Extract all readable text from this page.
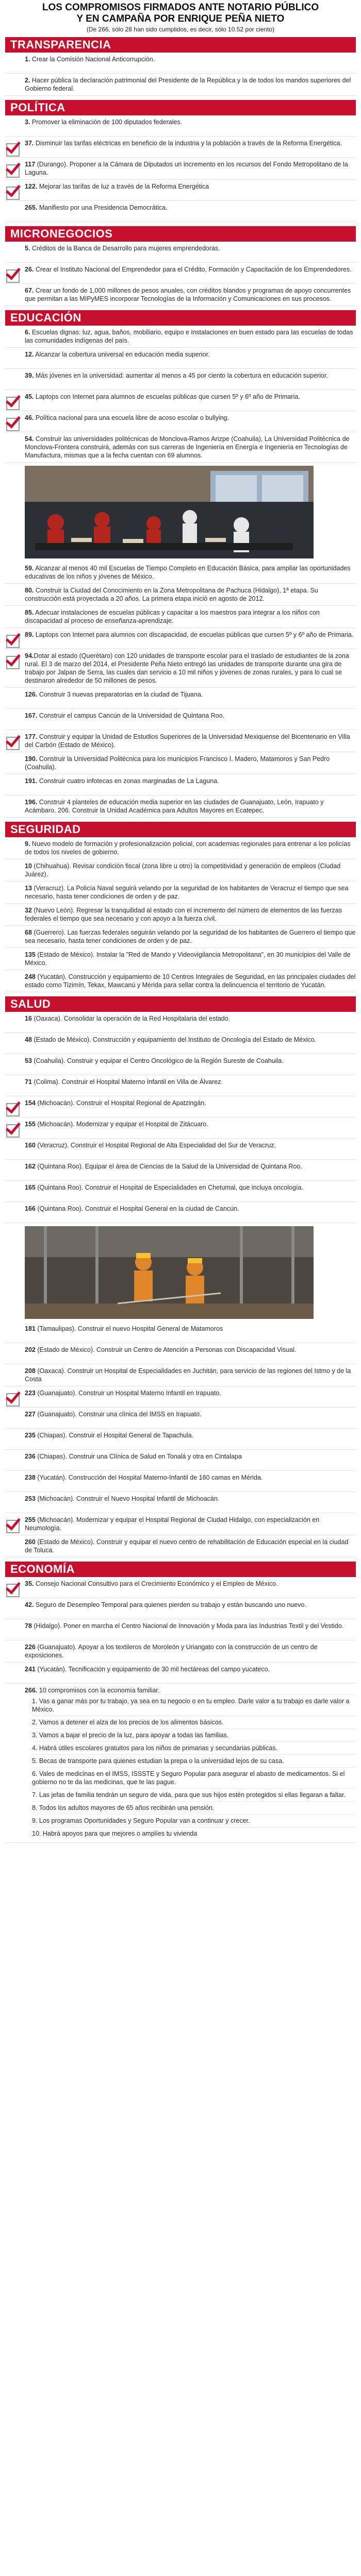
LOS COMPROMISOS FIRMADOS ANTE NOTARIO PÚBLICO
Y EN CAMPAÑA POR ENRIQUE PEÑA NIETO
(De 266, sólo 28 han sido cumplidos, es decir, sólo 10.52 por ciento)
TRANSPARENCIA
1. Crear la Comisión Nacional Anticorrupción.
2. Hacer pública la declaración patrimonial del Presidente de la República y la de todos los mandos superiores del Gobierno federal.
POLÍTICA
3. Promover la eliminación de 100 diputados federales.
37. Disminuir las tarifas eléctricas en beneficio de la industria y la población a través de la Reforma Energética.
117 (Durango). Proponer a la Cámara de Diputados un incremento en los recursos del Fondo Metropolitano de la Laguna.
122. Mejorar las tarifas de luz a través de la Reforma Energética
265. Manifiesto por una Presidencia Democrática.
MICRONEGOCIOS
5. Créditos de la Banca de Desarrollo para mujeres emprendedoras.
26. Crear el Instituto Nacional del Emprendedor para el Crédito, Formación y Capacitación de los Emprendedores.
67. Crear un fondo de 1,000 millones de pesos anuales, con créditos blandos y programas de apoyo concurrentes que permitan a las MIPyMES incorporar Tecnologías de la Información y Comunicaciones en sus procesos.
EDUCACIÓN
6. Escuelas dignas: luz, agua, baños, mobiliario, equipo e instalaciones en buen estado para las escuelas de todas las comunidades indígenas del país.
12. Alcanzar la cobertura universal en educación media superior.
39. Más jóvenes en la universidad: aumentar al menos a 45 por ciento la cobertura en educación superior.
45. Laptops con Internet para alumnos de escuelas públicas que cursen 5º y 6º año de Primaria.
46. Política nacional para una escuela libre de acoso escolar o bullying.
54. Construir las universidades politécnicas de Monclova-Ramos Arizpe (Coahuila), La Universidad Politécnica de Monclova-Frontera construirá, además con sus carreras de Ingeniería en Energía e Ingeniería en Tecnologías de Manufactura, mismas que a la fecha cuentan con 69 alumnos.
59. Alcanzar al menos 40 mil Escuelas de Tiempo Completo en Educación Básica, para ampliar las oportunidades educativas de los niños y jóvenes de México.
80. Construir la Ciudad del Conocimiento en la Zona Metropolitana de Pachuca (Hidalgo), 1ª etapa. Su construcción está proyectada a 20 años. La primera etapa inició en agosto de 2012.
85. Adecuar instalaciones de escuelas públicas y capacitar a los maestros para integrar a los niños con discapacidad al proceso de enseñanza-aprendizaje.
89. Laptops con Internet para alumnos con discapacidad, de escuelas públicas que cursen 5º y 6º año de Primaria.
94.Dotar al estado (Querétaro) con 120 unidades de transporte escolar para el traslado de estudiantes de la zona rural. El 3 de marzo del 2014, el Presidente Peña Nieto entregó las unidades de transporte durante una gira de trabajo por Jalpan de Serra, las cuales dan servicio a 10 mil niños y jóvenes de zonas rurales, y para lo cual se destinaron alrededor de 50 millones de pesos.
126. Construir 3 nuevas preparatorias en la ciudad de Tijuana.
167. Construir el campus Cancún de la Universidad de Quintana Roo.
177. Construir y equipar la Unidad de Estudios Superiores de la Universidad Mexiquense del Bicentenario en Villa del Carbón (Estado de México).
190. Construir la Universidad Politécnica para los municipios Francisco I. Madero, Matamoros y San Pedro (Coahuila).
191. Construir cuatro infotecas en zonas marginadas de La Laguna.
196. Construir 4 planteles de educación media superior en las ciudades de Guanajuato, León, Irapuato y Acámbaro. 206. Construir la Unidad Académica para Adultos Mayores en Ecatepec.
SEGURIDAD
9. Nuevo modelo de formación y profesionalización policial, con academias regionales para entrenar a los policías de todos los niveles de gobierno.
10 (Chihuahua). Revisar condición fiscal (zona libre u otro) la competitividad y generación de empleos (Ciudad Juárez).
13 (Veracruz). La Policía Naval seguirá velando por la seguridad de los habitantes de Veracruz el tiempo que sea necesario, hasta tener condiciones de orden y de paz.
32 (Nuevo León). Regresar la tranquilidad al estado con el incremento del número de elementos de las fuerzas federales el tiempo que sea necesario y con apoyo a la fuerza civil.
68 (Guerrero). Las fuerzas federales seguirán velando por la seguridad de los habitantes de Guerrero el tiempo que sea necesario, hasta tener condiciones de orden y de paz.
135 (Estado de México). Instalar la "Red de Mando y Videovigilancia Metropolitana", en 30 municipios del Valle de México.
248 (Yucatán). Construcción y equipamiento de 10 Centros Integrales de Seguridad, en las principales ciudades del estado como Tizimín, Tekax, Mawcanú y Mérida para sellar contra la delincuencia el territorio de Yucatán.
SALUD
16 (Oaxaca). Consolidar la operación de la Red Hospitalaria del estado.
48 (Estado de México). Construcción y equipamiento del Instituto de Oncología del Estado de México.
53 (Coahuila). Construir y equipar el Centro Oncológico de la Región Sureste de Coahuila.
71 (Colima). Construir el Hospital Materno Infantil en Villa de Álvarez.
154 (Michoacán). Construir el Hospital Regional de Apatzingán.
155 (Michoacán). Modernizar y equipar el Hospital de Zitácuaro.
160 (Veracruz). Construir el Hospital Regional de Alta Especialidad del Sur de Veracruz.
162 (Quintana Roo). Equipar el área de Ciencias de la Salud de la Universidad de Quintana Roo.
165 (Quintana Roo). Construir el Hospital de Especialidades en Chetumal, que incluya oncología.
166 (Quintana Roo). Construir el Hospital General en la ciudad de Cancún.
181 (Tamaulipas). Construir el nuevo Hospital General de Matamoros
202 (Estado de México). Construir un Centro de Atención a Personas con Discapacidad Visual.
208 (Oaxaca). Construir un Hospital de Especialidades en Juchitán, para servicio de las regiones del Istmo y de la Costa
223 (Guanajuato). Construir un Hospital Materno Infantil en Irapuato.
227 (Guanajuato). Construir una clínica del IMSS en Irapuato.
235 (Chiapas). Construir el Hospital General de Tapachula.
236 (Chiapas). Construir una Clínica de Salud en Tonalá y otra en Cintalapa
238 (Yucatán). Construcción del Hospital Materno-Infantil de 160 camas en Mérida.
253 (Michoacán). Construir el Nuevo Hospital Infantil de Michoacán.
255 (Michoacán). Modernizar y equipar el Hospital Regional de Ciudad Hidalgo, con especialización en Neumología.
260 (Estado de México). Construir y equipar el nuevo centro de rehabilitación de Educación especial en la ciudad de Toluca.
ECONOMÍA
35. Consejo Nacional Consultivo para el Crecimiento Económico y el Empleo de México.
42. Seguro de Desempleo Temporal para quienes pierden su trabajo y están buscando uno nuevo.
78 (Hidalgo). Poner en marcha el Centro Nacional de Innovación y Moda para las Industrias Textil y del Vestido.
226 (Guanajuato). Apoyar a los textileros de Moroleón y Uriangato con la construcción de un centro de exposiciones.
241 (Yucatán). Tecnificación y equipamiento de 30 mil hectáreas del campo yucateco.
266. 10 compromisos con la economía familiar.
1. Vas a ganar más por tu trabajo, ya sea en tu negocio o en tu empleo. Darle valor a tu trabajo es darle valor a México.
2. Vamos a detener el alza de los precios de los alimentos básicos.
3. Vamos a bajar el precio de la luz, para apoyar a todas las familias.
4. Habrá útiles escolares gratuitos para los niños de primarias y secundarias públicas.
5. Becas de transporte para quienes estudian la prepa o la universidad lejos de su casa.
6. Vales de medicinas en el IMSS, ISSSTE y Seguro Popular para asegurar el abasto de medicamentos. Si el gobierno no te da las medicinas, que te las pague.
7. Las jefas de familia tendrán un seguro de vida, para que sus hijos estén protegidos si ellas llegaran a faltar.
8. Todos los adultos mayores de 65 años recibirán una pensión.
9. Los programas Oportunidades y Seguro Popular van a continuar y crecer.
10. Habrá apoyos para que mejores o amplíes tu vivienda
